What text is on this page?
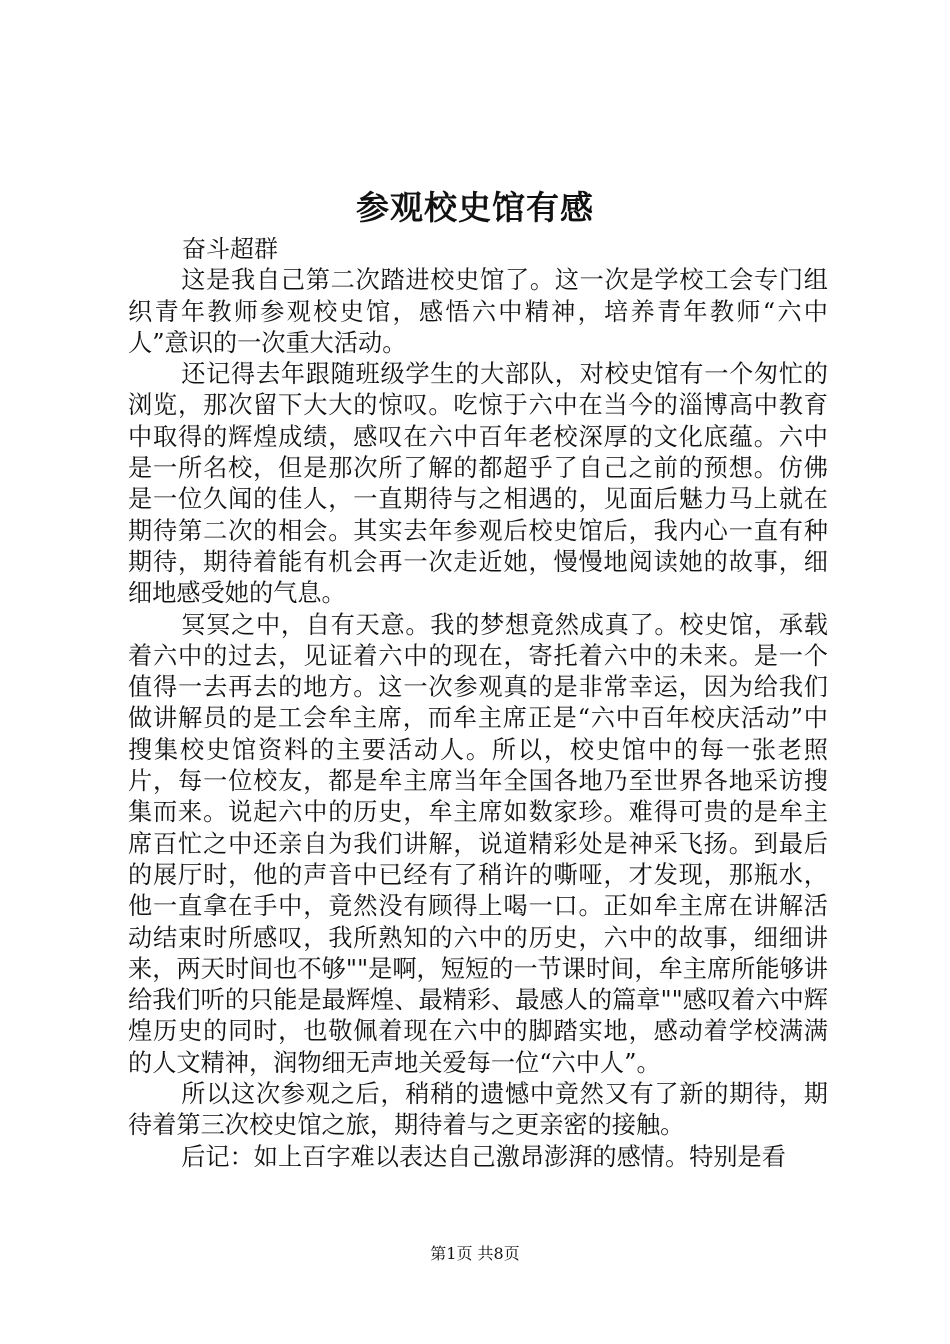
参观校史馆有感

奋斗超群

这是我自己第二次踏进校史馆了。这一次是学校工会专门组织青年教师参观校史馆，感悟六中精神，培养青年教师“六中人”意识的一次重大活动。

还记得去年跟随班级学生的大部队，对校史馆有一个匆忙的浏览，那次留下大大的惊叹。吃惊于六中在当今的淄博高中教育中取得的辉煌成绩，感叹在六中百年老校深厚的文化底蕴。六中是一所名校，但是那次所了解的都超乎了自己之前的预想。仿佛是一位久闻的佳人，一直期待与之相遇的，见面后魅力马上就在期待第二次的相会。其实去年参观后校史馆后，我内心一直有种期待，期待着能有机会再一次走近她，慢慢地阅读她的故事，细细地感受她的气息。

冥冥之中，自有天意。我的梦想竟然成真了。校史馆，承载着六中的过去，见证着六中的现在，寄托着六中的未来。是一个值得一去再去的地方。这一次参观真的是非常幸运，因为给我们做讲解员的是工会牟主席，而牟主席正是“六中百年校庆活动”中搜集校史馆资料的主要活动人。所以，校史馆中的每一张老照片，每一位校友，都是牟主席当年全国各地乃至世界各地采访搜集而来。说起六中的历史，牟主席如数家珍。难得可贵的是牟主席百忙之中还亲自为我们讲解，说道精彩处是神采飞扬。到最后的展厅时，他的声音中已经有了稍许的嘶哑，才发现，那瓶水，他一直拿在手中，竟然没有顾得上喝一口。正如牟主席在讲解活动结束时所感叹，我所熟知的六中的历史，六中的故事，细细讲来，两天时间也不够""是啊，短短的一节课时间，牟主席所能够讲给我们听的只能是最辉煌、最精彩、最感人的篇章""感叹着六中辉煌历史的同时，也敬佩着现在六中的脚踏实地，感动着学校满满的人文精神，润物细无声地关爱每一位“六中人”。

所以这次参观之后，稍稍的遗憾中竟然又有了新的期待，期待着第三次校史馆之旅，期待着与之更亲密的接触。

后记：如上百字难以表达自己激昂澎湃的感情。特别是看

第1页 共8页
